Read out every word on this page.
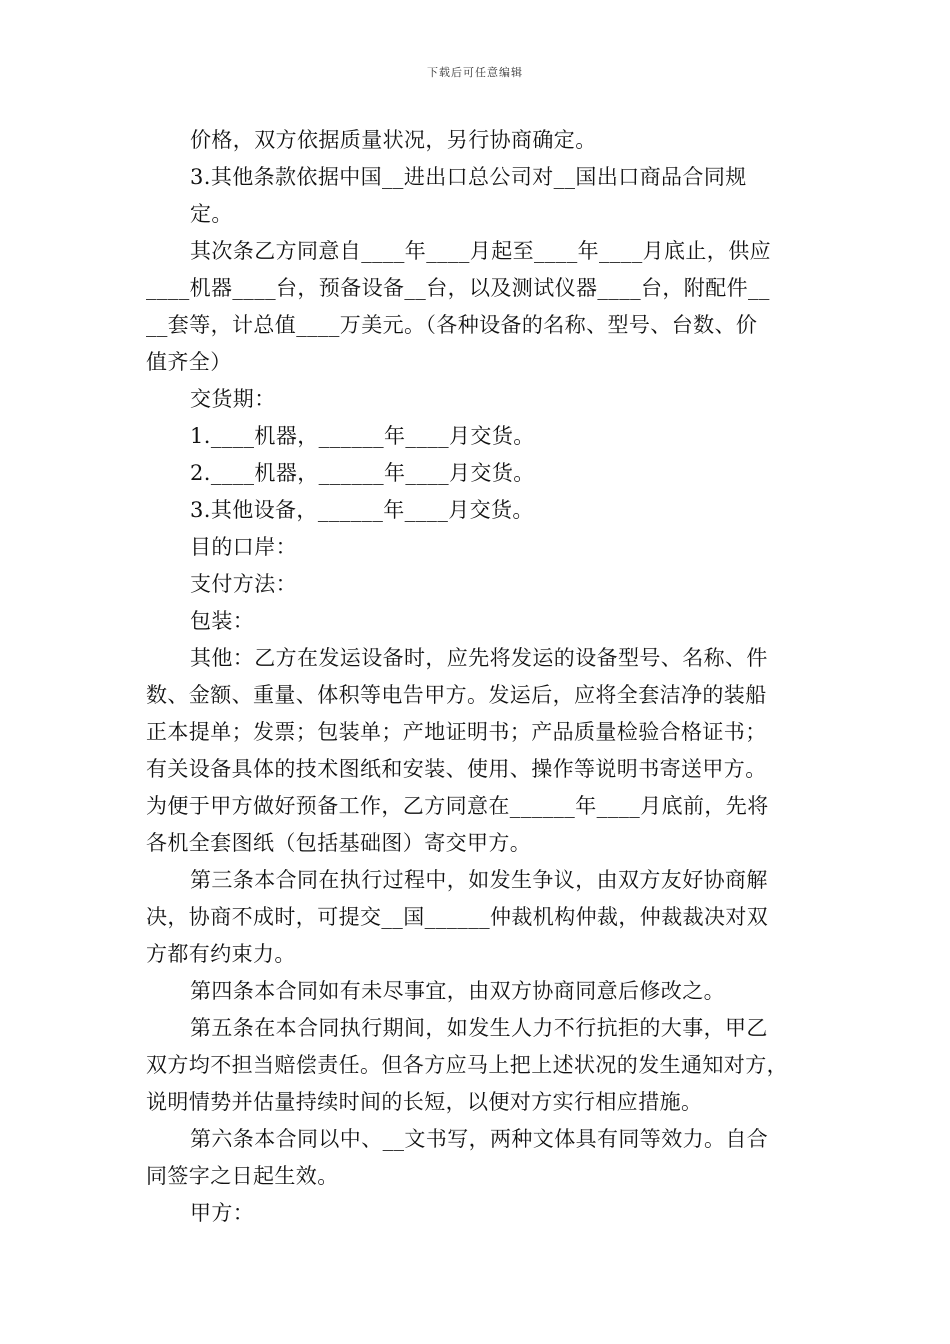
下载后可任意编辑
价格，双方依据质量状况，另行协商确定。
3.其他条款依据中国__进出口总公司对__国出口商品合同规
定。
其次条乙方同意自____年____月起至____年____月底止，供应
____机器____台，预备设备__台，以及测试仪器____台，附配件__
__套等，计总值____万美元。（各种设备的名称、型号、台数、价
值齐全）
交货期：
1.____机器，______年____月交货。
2.____机器，______年____月交货。
3.其他设备，______年____月交货。
目的口岸：
支付方法：
包装：
其他：乙方在发运设备时，应先将发运的设备型号、名称、件
数、金额、重量、体积等电告甲方。发运后，应将全套洁净的装船
正本提单；发票；包装单；产地证明书；产品质量检验合格证书；
有关设备具体的技术图纸和安装、使用、操作等说明书寄送甲方。
为便于甲方做好预备工作，乙方同意在______年____月底前，先将
各机全套图纸（包括基础图）寄交甲方。
第三条本合同在执行过程中，如发生争议，由双方友好协商解
决，协商不成时，可提交__国______仲裁机构仲裁，仲裁裁决对双
方都有约束力。
第四条本合同如有未尽事宜，由双方协商同意后修改之。
第五条在本合同执行期间，如发生人力不行抗拒的大事，甲乙
双方均不担当赔偿责任。但各方应马上把上述状况的发生通知对方，
说明情势并估量持续时间的长短，以便对方实行相应措施。
第六条本合同以中、__文书写，两种文体具有同等效力。自合
同签字之日起生效。
甲方：
